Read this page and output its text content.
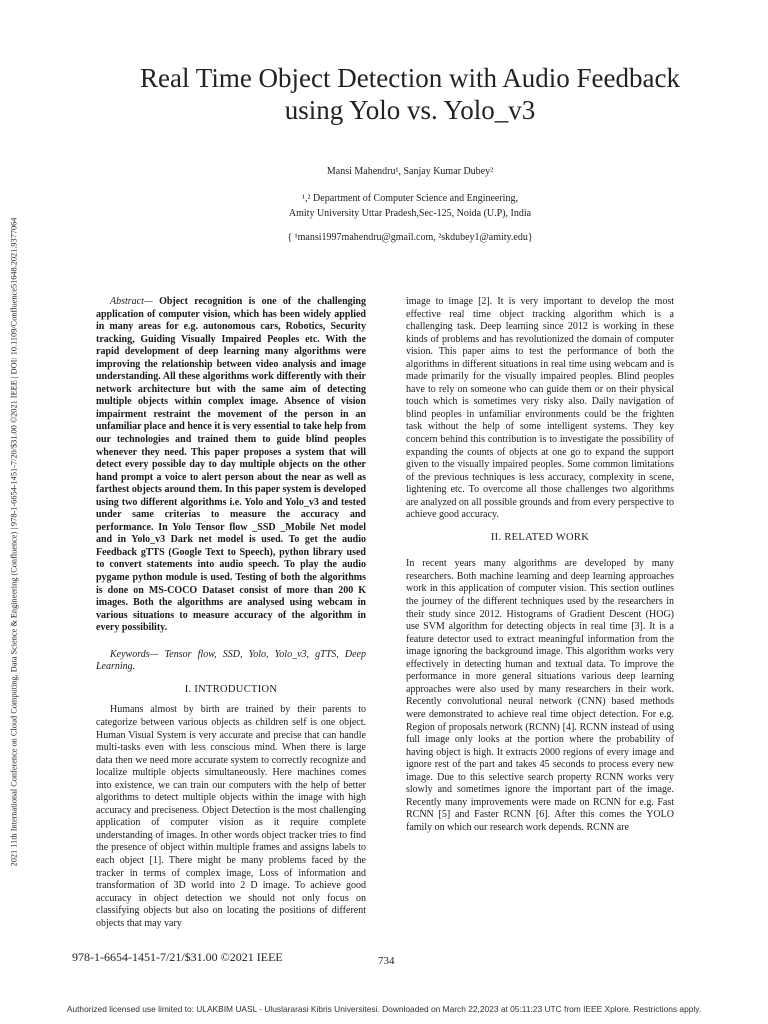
2021 11th International Conference on Cloud Computing, Data Science & Engineering (Confluence) | 978-1-6654-1451-7/20/$31.00 ©2021 IEEE | DOI: 10.1109/Confluence51648.2021.9377064
Real Time Object Detection with Audio Feedback
using Yolo vs. Yolo_v3
Mansi Mahendru¹, Sanjay Kumar Dubey²
¹,² Department of Computer Science and Engineering,
Amity University Uttar Pradesh,Sec-125, Noida (U.P), India
{ ¹mansi1997mahendru@gmail.com, ²skdubey1@amity.edu}

Abstract— Object recognition is one of the challenging application of computer vision, which has been widely applied in many areas for e.g. autonomous cars, Robotics, Security tracking, Guiding Visually Impaired Peoples etc. With the rapid development of deep learning many algorithms were improving the relationship between video analysis and image understanding. All these algorithms work differently with their network architecture but with the same aim of detecting multiple objects within complex image. Absence of vision impairment restraint the movement of the person in an unfamiliar place and hence it is very essential to take help from our technologies and trained them to guide blind peoples whenever they need. This paper proposes a system that will detect every possible day to day multiple objects on the other hand prompt a voice to alert person about the near as well as farthest objects around them. In this paper system is developed using two different algorithms i.e. Yolo and Yolo_v3 and tested under same criterias to measure the accuracy and performance. In Yolo Tensor flow _SSD _Mobile Net model and in Yolo_v3 Dark net model is used. To get the audio Feedback gTTS (Google Text to Speech), python library used to convert statements into audio speech. To play the audio pygame python module is used. Testing of both the algorithms is done on MS-COCO Dataset consist of more than 200 K images. Both the algorithms are analysed using webcam in various situations to measure accuracy of the algorithm in every possibility.

Keywords— Tensor flow, SSD, Yolo, Yolo_v3, gTTS, Deep Learning.

I. INTRODUCTION

Humans almost by birth are trained by their parents to categorize between various objects as children self is one object. Human Visual System is very accurate and precise that can handle multi-tasks even with less conscious mind. When there is large data then we need more accurate system to correctly recognize and localize multiple objects simultaneously. Here machines comes into existence, we can train our computers with the help of better algorithms to detect multiple objects within the image with high accuracy and preciseness. Object Detection is the most challenging application of computer vision as it require complete understanding of images. In other words object tracker tries to find the presence of object within multiple frames and assigns labels to each object [1]. There might be many problems faced by the tracker in terms of complex image, Loss of information and transformation of 3D world into 2 D image. To achieve good accuracy in object detection we should not only focus on classifying objects but also on locating the positions of different objects that may vary

image to image [2]. It is very important to develop the most effective real time object tracking algorithm which is a challenging task. Deep learning since 2012 is working in these kinds of problems and has revolutionized the domain of computer vision. This paper aims to test the performance of both the algorithms in different situations in real time using webcam and is made primarily for the visually impaired peoples. Blind peoples have to rely on someone who can guide them or on their physical touch which is sometimes very risky also. Daily navigation of blind peoples in unfamiliar environments could be the frighten task without the help of some intelligent systems. They key concern behind this contribution is to investigate the possibility of expanding the counts of objects at one go to expand the support given to the visually impaired peoples. Some common limitations of the previous techniques is less accuracy, complexity in scene, lightening etc. To overcome all those challenges two algorithms are analyzed on all possible grounds and from every perspective to achieve good accuracy.

II. RELATED WORK

In recent years many algorithms are developed by many researchers. Both machine learning and deep learning approaches work in this application of computer vision. This section outlines the journey of the different techniques used by the researchers in their study since 2012. Histograms of Gradient Descent (HOG) use SVM algorithm for detecting objects in real time [3]. It is a feature detector used to extract meaningful information from the image ignoring the background image. This algorithm works very effectively in detecting human and textual data. To improve the performance in more general situations various deep learning approaches were also used by many researchers in their work. Recently convolutional neural network (CNN) based methods were demonstrated to achieve real time object detection. For e.g. Region of proposals network (RCNN) [4]. RCNN instead of using full image only looks at the portion where the probability of having object is high. It extracts 2000 regions of every image and ignore rest of the part and takes 45 seconds to process every new image. Due to this selective search property RCNN works very slowly and sometimes ignore the important part of the image. Recently many improvements were made on RCNN for e.g. Fast RCNN [5] and Faster RCNN [6]. After this comes the YOLO family on which our research work depends. RCNN are

978-1-6654-1451-7/21/$31.00 ©2021 IEEE	734
Authorized licensed use limited to: ULAKBIM UASL - Uluslararasi Kibris Universitesi. Downloaded on March 22,2023 at 05:11:23 UTC from IEEE Xplore. Restrictions apply.
